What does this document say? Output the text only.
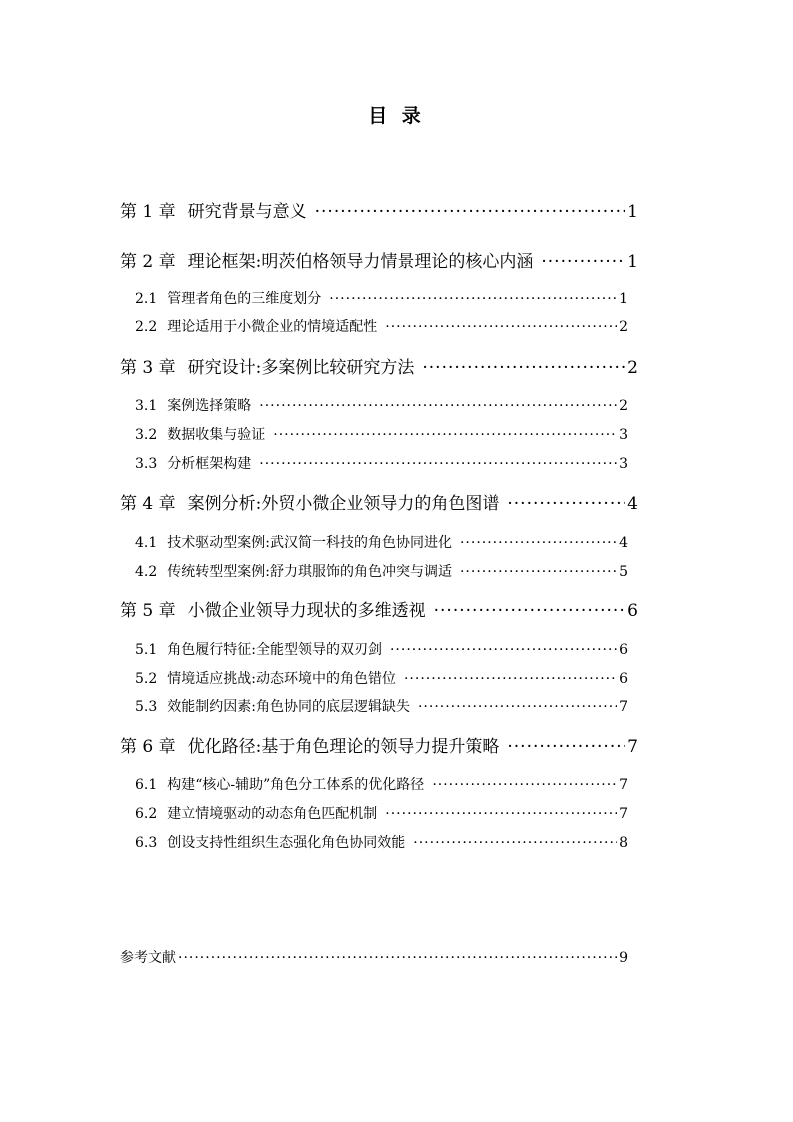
目 录
第 1 章 研究背景与意义 ·····	1
第 2 章 理论框架:明茨伯格领导力情景理论的核心内涵 ·····	1
2.1 管理者角色的三维度划分 ·····	1
2.2 理论适用于小微企业的情境适配性 ·····	2
第 3 章 研究设计:多案例比较研究方法 ·····	2
3.1 案例选择策略 ·····	2
3.2 数据收集与验证 ·····	3
3.3 分析框架构建 ·····	3
第 4 章 案例分析:外贸小微企业领导力的角色图谱 ·····	4
4.1 技术驱动型案例:武汉简一科技的角色协同进化 ·····	4
4.2 传统转型型案例:舒力琪服饰的角色冲突与调适 ·····	5
第 5 章 小微企业领导力现状的多维透视 ·····	6
5.1 角色履行特征:全能型领导的双刃剑 ·····	6
5.2 情境适应挑战:动态环境中的角色错位 ·····	6
5.3 效能制约因素:角色协同的底层逻辑缺失 ·····	7
第 6 章 优化路径:基于角色理论的领导力提升策略 ·····	7
6.1 构建“核心-辅助”角色分工体系的优化路径 ·····	7
6.2 建立情境驱动的动态角色匹配机制 ·····	7
6.3 创设支持性组织生态强化角色协同效能 ·····	8
参考文献 ·····	9
